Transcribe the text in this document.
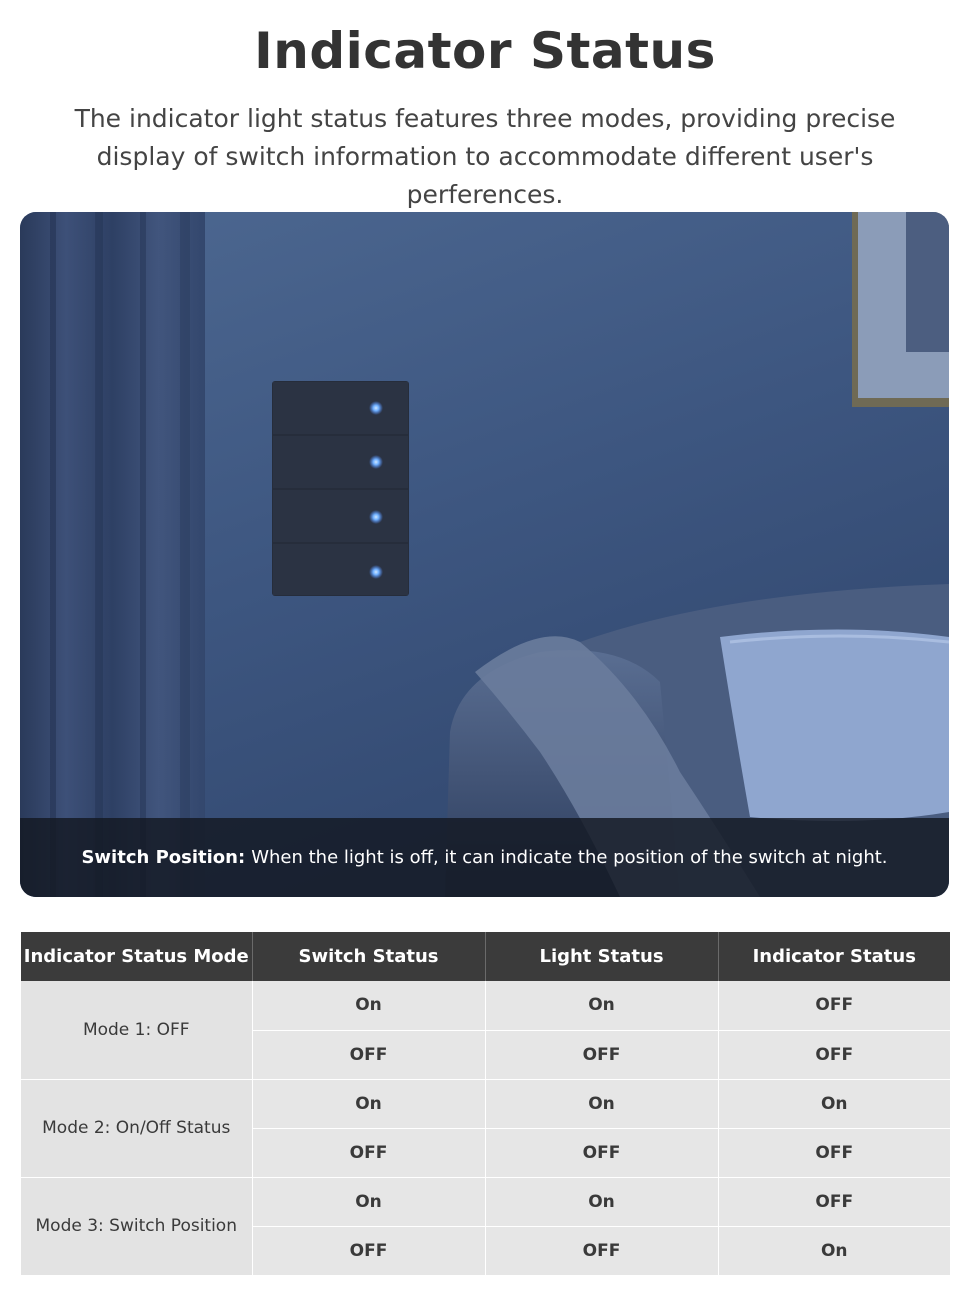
Indicator Status

The indicator light status features three modes, providing precise display of switch information to accommodate different user's perferences.

Switch Position: When the light is off, it can indicate the position of the switch at night.
Indicator Status Mode	Switch Status	Light Status	Indicator Status
Mode 1: OFF	On	On	OFF
	OFF	OFF	OFF
Mode 2: On/Off Status	On	On	On
	OFF	OFF	OFF
Mode 3: Switch Position	On	On	OFF
	OFF	OFF	On
